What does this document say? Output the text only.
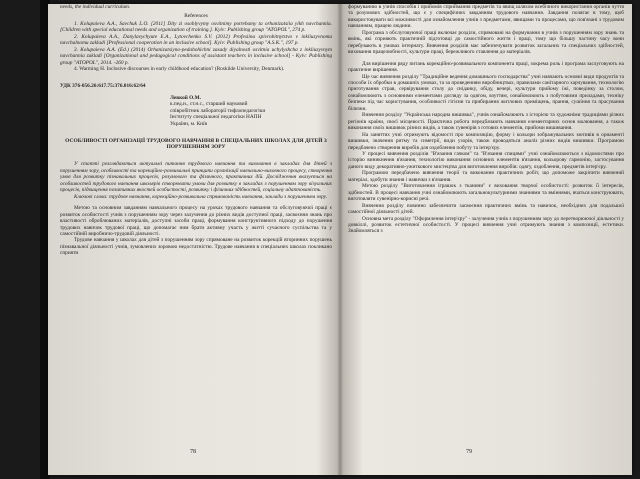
needs, the individual curriculum.

References

1. Kolupaieva A.A., Savchuk L.O. [2011] Dity zi osoblyvymy osvitnimy potrebamy ta orhanizatsiia yikh navchannia. [Children with special educational needs and organization of training.]. Kyiv: Publishing group "ATOPOL", 274 p.

2. Kolupaieva A.A., Danylavychyute E.A., Lytovchenko S.V. (2012) Profesiina spivrobitnytstvo v inkliuzyvnomu navchalnomu zakladi [Professional cooperation in an inclusive school]. Kyiv: Publishing group "A.S.K.", 197 p.

3. Kolupaieva A.A. (Ed.) (2014) Orhanizatsiyno-pedahohichni zasady diyalnosti osvitnia uchylyshcha z inkliuzyvnym navchannia zakladi [Organizational and pedagogical conditions of assistant teachers in inclusive school] - Kyiv: Publishing group "ATOPOL", 2014. -260 p.

4. Warming H. Inclusive discourses in early childhood education? (Roskilde University, Denmark).

УДК 376-056.26:617.75:376.016:62/64

Левкой О.М.

к.пед.н., ст.н.с., старший науковий

співробітник лабораторії тифлопедагогіки

Інституту спеціальної педагогіки НАПН

України, м. Київ

ОСОБЛИВОСТІ ОРГАНІЗАЦІЇ ТРУДОВОГО НАВЧАННЯ В СПЕЦІАЛЬНИХ ШКОЛАХ ДЛЯ ДІТЕЙ З ПОРУШЕННЯМ ЗОРУ

У статті розглядаються актуальні питання трудового навчання та виховання в закладах для дітей з порушенням зору, особливості та корекційно-розвивальні принципи організації навчально-виховного процесу, створення умов для розвитку пізнавальних процесів, розумового та фізичного, практичних дій. Дослідження вказується на особливостей трудового навчання школярів створювати умови для розвитку в закладах з порушенням зору візуальних процесів, підвищення позитивних якостей особистості, розвитку і фізичних здібностей, соціальну адаптованість.

Ключові слова: трудове навчання, корекційно-розвивальна спрямованість навчання, заклади з порушенням зору.

Метою та основним завданням навчального процесу на уроках трудового навчання та обслуговуючої праці є розвиток особистості учнів з порушенням зору через залучення до різних видів доступної праці, засвоєння знань про властивості оброблюваних матеріалів, доступні засоби праці, формування конструктивного підходу до порушення трудових навичок трудової праці, що допомагає ним брати активну участь у житті сучасного суспільства та у самостійній виробничо-трудовій діяльності.

Трудове навчання у школах для дітей з порушенням зору спрямоване на розвиток корекцій вторинних порушень пізнавальної діяльності учнів, зумовлених зоровою недостатністю. Трудове навчання в спеціальних школах покликано сприяти

78

формуванню в учнів способів і прийомів сприймання предметів та явищ шляхом всебічного використання органів чуття та розумових здібностей, що є у специфічних завданням трудового навчання. Завдання полягає в тому, щоб використовувати всі можливості для ознайомлення учнів з предметами, явищами та процесами, що пов'язані з трудовим навчанням, працею людини.

Програма з обслуговуючої праці включає розділи, спрямовані на формування в учнів з порушенням зору знань та вмінь, які сприяють практичній підготовці до самостійного життя і праці, тому що більшу частину часу вони перебувають в умовах інтернату. Вивчення розділів має забезпечувати розвиток загальних та спеціальних здібностей, виховання працелюбності, культури праці, бережливого ставлення до матеріалів.

Для вирішення ряду питань корекційно-розвивального компонента праці, зокрема роль і програма заслуговують на практичне вирішення.

Ще час вивчення розділу "Традиційне ведення домашнього господарства" учні навчають основні види продуктів та способи їх обробки в домашніх умовах, та за проведенням виробництвах, правилами санітарного харчування, технологію приготування страв, сервірування столу до сніданку, обіду, вечері, культури прийому їжі, поведінку за столом, ознайомлюють з основними елементами догляду за одягом, взуттям, ознайомлюють з побутовими приладами, техніку безпеки під час користування, особливості гігієни та прибирання житлових приміщень, прання, сушіння та прасування білизни.

Вивчення розділу "Українська народна вишивка", учнів ознайомлюють з історією та художніми традиціями різних регіонів країни, своєї місцевості. Практична робота передбачають навчання елементарних основ малювання, а також виконання своїх вишивок різних видів, а також сувенірів з готових елементів, прийоми вишивання.

На заняттях учні отримують відомості про композицію, форму і кольори зображувальних мотивів в орнаменті вишивки, значення ритму та симетрії, види узорів, також проводяться аналіз різних видів вишивки. Програмою передбачено створення виробів для оздоблення побуту та інтер'єру.

У процесі вивчення розділів "В'язання гачком" та "В'язання спицями" учні ознайомлюються з відомостями про історію виникнення в'язання, технологію виконання основних елементів в'язання, кольорову гармонію, застосування даного виду декоративно-ужиткового мистецтва для виготовлення виробів: одягу, оздоблення, предметів інтер'єру.

Програмою передбачено вивчення теорії та виконання практичних робіт, що допоможе закріпити вивчений матеріал, здобути знання і навички з в'язання.

Метою розділу "Виготовлення іграшок з тканини" є виховання творчої особистості: розвиток її інтересів, здібностей. В процесі навчання учні ознайомлюють загальнокультурними знаннями та вміннями, вчаться конструювати, виготовляти сувенірно-корисні речі.

Вивчення розділу повинно забезпечити засвоєння практичних вмінь та навичок, необхідних для подальшої самостійної діяльності дітей.

Основна мета розділу "Оформлення інтер'єру" - залучення учнів з порушенням зору до перетворюючої діяльності у довкіллі, розвиток естетичної особистості. У процесі вивчення учні отримують знання з композиції, естетики. Знайомляться з

79
